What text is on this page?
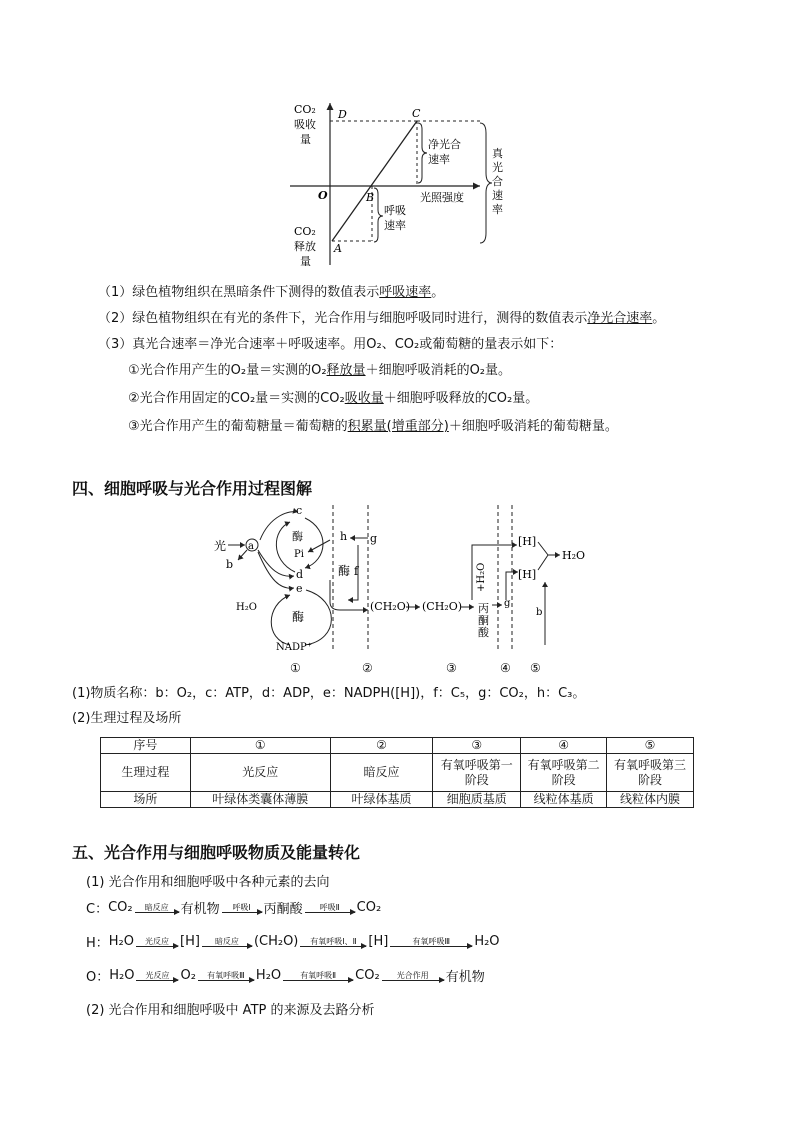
CO₂
吸收
量
CO₂
释放
量
D	C
O	B
A
净光合
速率
呼吸
速率
光照强度
真
光
合
速
率
（1）绿色植物组织在黑暗条件下测得的数值表示呼吸速率。
（2）绿色植物组织在有光的条件下，光合作用与细胞呼吸同时进行，测得的数值表示净光合速率。
（3）真光合速率＝净光合速率＋呼吸速率。用O₂、CO₂或葡萄糖的量表示如下：
①光合作用产生的O₂量＝实测的O₂释放量＋细胞呼吸消耗的O₂量。
②光合作用固定的CO₂量＝实测的CO₂吸收量＋细胞呼吸释放的CO₂量。
③光合作用产生的葡萄糖量＝葡萄糖的积累量(增重部分)＋细胞呼吸消耗的葡萄糖量。
四、细胞呼吸与光合作用过程图解
a
光
b
c
酶
Pi
d
e
酶
H₂O
NADP⁺
h g
酶 f
(CH₂O) (CH₂O) 丙
酮
酸
+H₂O
g
[H]
[H]
H₂O
b
①	②	③	④ ⑤
(1)物质名称：b：O₂，c：ATP，d：ADP，e：NADPH([H])，f：C₅，g：CO₂，h：C₃。
(2)生理过程及场所
序号	①	②	③	④	⑤
生理过程	光反应	暗反应	有氧呼吸第一阶段	有氧呼吸第二阶段	有氧呼吸第三阶段
场所	叶绿体类囊体薄膜	叶绿体基质	细胞质基质	线粒体基质	线粒体内膜
五、光合作用与细胞呼吸物质及能量转化
(1) 光合作用和细胞呼吸中各种元素的去向
C： CO₂ 暗反应 有机物 呼吸Ⅰ 丙酮酸 呼吸Ⅱ CO₂
H： H₂O 光反应 [H] 暗反应 (CH₂O) 有氧呼吸Ⅰ、Ⅱ [H]	有氧呼吸Ⅲ H₂O
O： H₂O 光反应 O₂ 有氧呼吸Ⅲ H₂O 有氧呼吸Ⅱ CO₂ 光合作用 有机物
(2) 光合作用和细胞呼吸中 ATP 的来源及去路分析
